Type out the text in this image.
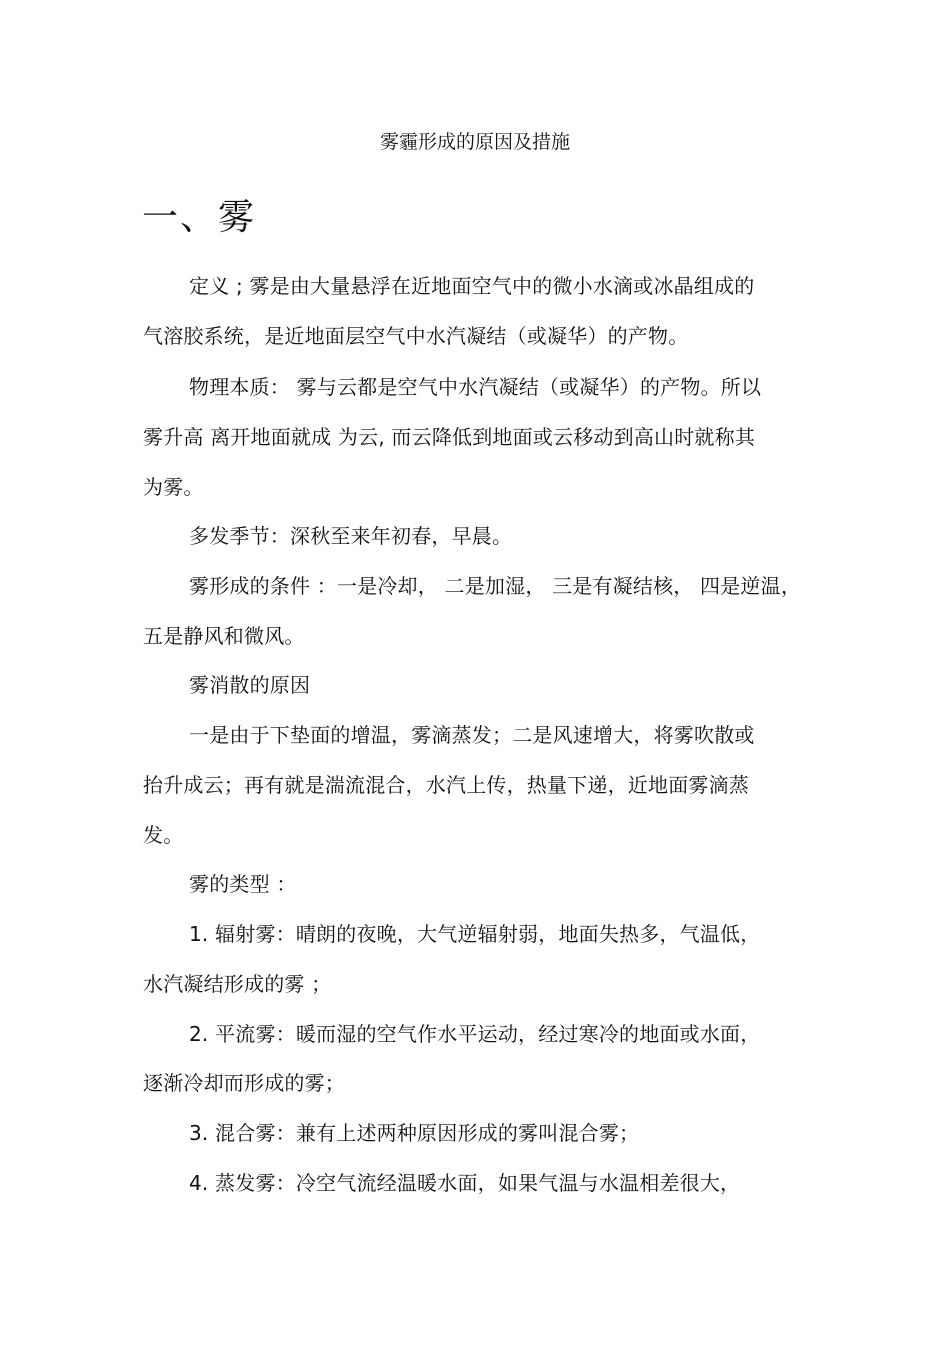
雾霾形成的原因及措施
一、雾
定义 ; 雾是由大量悬浮在近地面空气中的微小水滴或冰晶组成的
气溶胶系统，是近地面层空气中水汽凝结（或凝华）的产物。
物理本质： 雾与云都是空气中水汽凝结（或凝华）的产物。所以
雾升高 离开地面就成 为云, 而云降低到地面或云移动到高山时就称其
为雾。
多发季节：深秋至来年初春，早晨。
雾形成的条件 ：一是冷却， 二是加湿， 三是有凝结核， 四是逆温，
五是静风和微风。
雾消散的原因
一是由于下垫面的增温，雾滴蒸发；二是风速增大，将雾吹散或
抬升成云；再有就是湍流混合，水汽上传，热量下递，近地面雾滴蒸
发。
雾的类型 ：
1. 辐射雾：晴朗的夜晚，大气逆辐射弱，地面失热多，气温低，
水汽凝结形成的雾 ；
2. 平流雾：暖而湿的空气作水平运动，经过寒冷的地面或水面，
逐渐冷却而形成的雾；
3. 混合雾：兼有上述两种原因形成的雾叫混合雾；
4. 蒸发雾：冷空气流经温暖水面，如果气温与水温相差很大，
